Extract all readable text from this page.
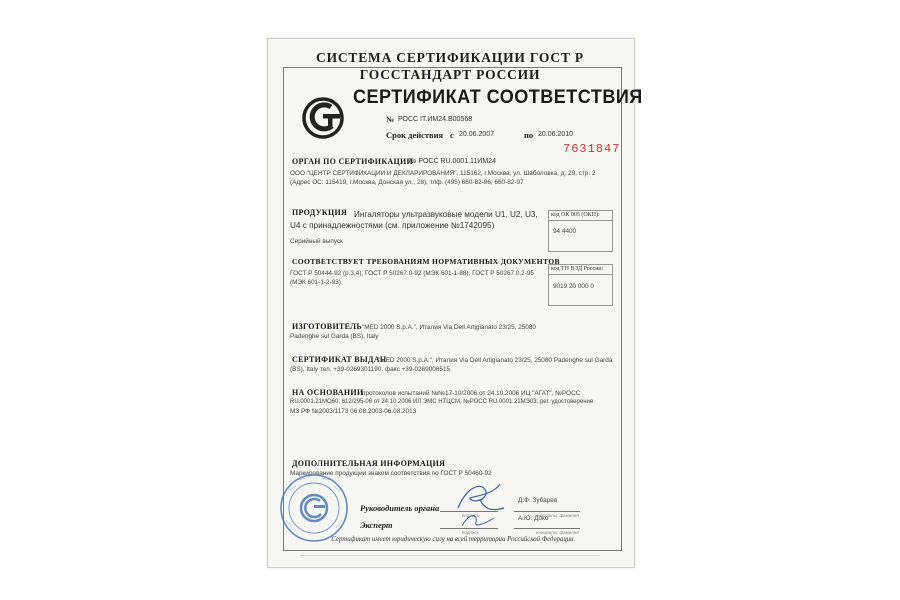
СИСТЕМА СЕРТИФИКАЦИИ ГОСТ Р
ГОССТАНДАРТ РОССИИ
СЕРТИФИКАТ СООТВЕТСТВИЯ
№ РОСС IT.ИМ24.В00568
Срок действия с 20.06.2007	по 20.06.2010
7631847
ОРГАН ПО СЕРТИФИКАЦИИ
№ РОСС RU.0001.11ИМ24
ООО "ЦЕНТР СЕРТИФИКАЦИИ И ДЕКЛАРИРОВАНИЯ". 115162, г.Москва, ул. Шаболовка, д. 29, стр. 2
(Адрес ОС: 115419, г.Москва, Донская ул., 28), тлф. (495) 660-82-96, 660-82-97
ПРОДУКЦИЯ Ингаляторы ультразвуковые модели U1, U2, U3,
U4 с принадлежностями (см. приложение №1742095)
Серийный выпуск
код ОК 005 (ОКП):
94 4400
СООТВЕТСТВУЕТ ТРЕБОВАНИЯМ НОРМАТИВНЫХ ДОКУМЕНТОВ
ГОСТ Р 50444-92 (р.3,4), ГОСТ Р 50267.0-92 (МЭК 601-1-88), ГОСТ Р 50267.0.2-95
(МЭК 601-1-2-93)
код ТН ВЭД России:
9019 20 000 0
ИЗГОТОВИТЕЛЬ "MED 2000 S.p.A.", Италия Via Dell Artigianato 23/25, 25080
Padenghe sul Garda (BS), Italy
СЕРТИФИКАТ ВЫДАН
"MED 2000 S.p.A.", Италия Via Dell Artigianato 23/25, 25080 Padenghe sul Garda
(BS), Italy тел. +39-0269301190, факс +39-0269006515
НА ОСНОВАНИИ
протоколов испытаний №№17-10/2006 от 24.10.2006 ИЦ "АГАТ", №РОСС
RU.0001.21МО60; 612/295-06 от 24.10.2006 ИЛ ЭМС НТЦСМ, №РОСС RU.0001.21МЭ03; рег. удостоверение
МЗ РФ №2003/1173 06.08.2003-06.08.2013
ДОПОЛНИТЕЛЬНАЯ ИНФОРМАЦИЯ
Маркирование продукции знаком соответствия по ГОСТ Р 50460-92
Руководитель органа
Д.Ф. Зубарев
подпись	инициалы, фамилия
Эксперт
А.Ю. Доко
подпись	инициалы, фамилия
Сертификат имеет юридическую силу на всей территории Российской Федерации
